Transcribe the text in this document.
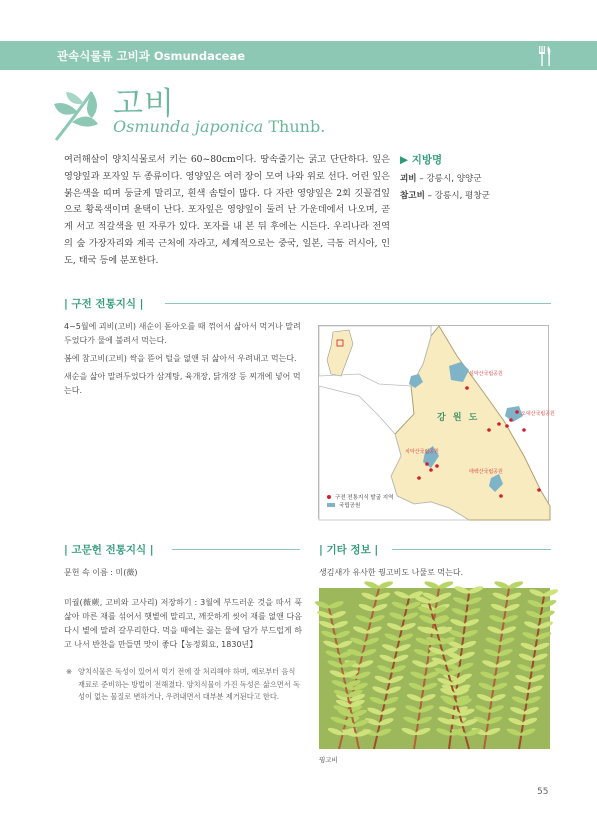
관속식물류 고비과 Osmundaceae
고비
Osmunda japonica Thunb.
여러해살이 양치식물로서 키는 60~80cm이다. 땅속줄기는 굵고 단단하다. 잎은 영양잎과 포자잎 두 종류이다. 영양잎은 여러 장이 모여 나와 위로 선다. 어린 잎은 붉은색을 띠며 둥글게 말리고, 흰색 솜털이 많다. 다 자란 영양잎은 2회 깃꼴겹잎으로 황록색이며 윤택이 난다. 포자잎은 영양잎이 둘러 난 가운데에서 나오며, 곧게 서고 적갈색을 띤 자루가 있다. 포자를 내 본 뒤 후에는 시든다. 우리나라 전역의 숲 가장자리와 계곡 근처에 자라고, 세계적으로는 중국, 일본, 극동 러시아, 인도, 태국 등에 분포한다.
▶ 지방명
괴비 – 강릉시, 양양군
참고비 – 강릉시, 평창군
| 구전 전통지식 |

4~5월에 괴비(고비) 새순이 돋아오를 때 꺾어서 삶아서 먹거나 말려두었다가 물에 불려서 먹는다.

봄에 참고비(고비) 싹을 뜯어 털을 없앤 뒤 삶아서 우려내고 먹는다.

새순을 삶아 말려두었다가 삼계탕, 육개장, 닭개장 등 찌개에 넣어 먹는다.

설악산국립공원
오대산국립공원
치악산국립공원
태백산국립공원
강 원 도
구전 전통지식 발굴 지역
국립공원
| 고문헌 전통지식 |
문헌 속 이름 : 미(薇)
미궐(薇蕨, 고비와 고사리) 저장하기 : 3월에 부드러운 것을 따서 푹 삶아 마른 재를 섞어서 햇볕에 말리고, 깨끗하게 씻어 재를 없앤 다음 다시 볕에 말려 갈무리한다. 먹을 때에는 끓는 물에 담가 부드럽게 하고 나서 반찬을 만들면 맛이 좋다【농정회요, 1830년】
※ 양치식물은 독성이 있어서 먹기 전에 잘 처리해야 하며, 예로부터 음식 재료로 준비하는 방법이 전해졌다. 양치식물이 가진 독성은 삶으면서 독성이 없는 물질로 변하거나, 우려내면서 대부분 제거된다고 한다.
| 기타 정보 |
생김새가 유사한 꿩고비도 나물로 먹는다.
꿩고비
55
